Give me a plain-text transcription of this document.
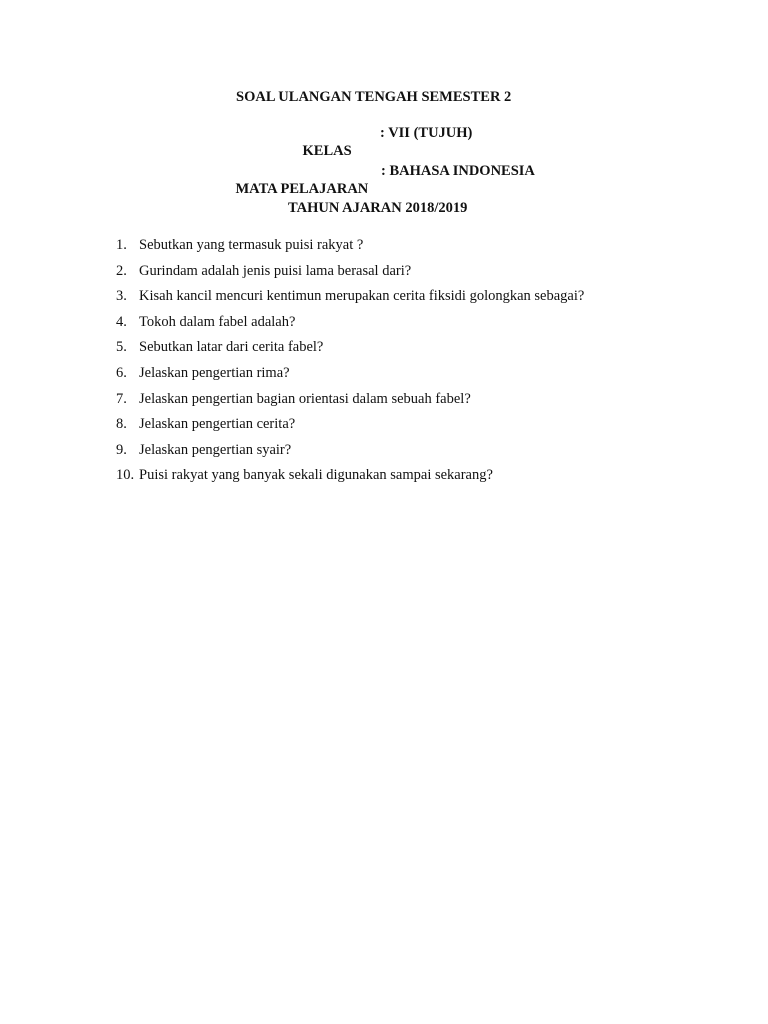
SOAL ULANGAN TENGAH SEMESTER 2

KELAS

: VII (TUJUH)

MATA PELAJARAN

: BAHASA INDONESIA

TAHUN AJARAN 2018/2019
1. Sebutkan yang termasuk puisi rakyat ?
2. Gurindam adalah jenis puisi lama berasal dari?
3. Kisah kancil mencuri kentimun merupakan cerita fiksidi golongkan sebagai?
4. Tokoh dalam fabel adalah?
5. Sebutkan latar dari cerita fabel?
6. Jelaskan pengertian rima?
7. Jelaskan pengertian bagian orientasi dalam sebuah fabel?
8. Jelaskan pengertian cerita?
9. Jelaskan pengertian syair?
10. Puisi rakyat yang banyak sekali digunakan sampai sekarang?
